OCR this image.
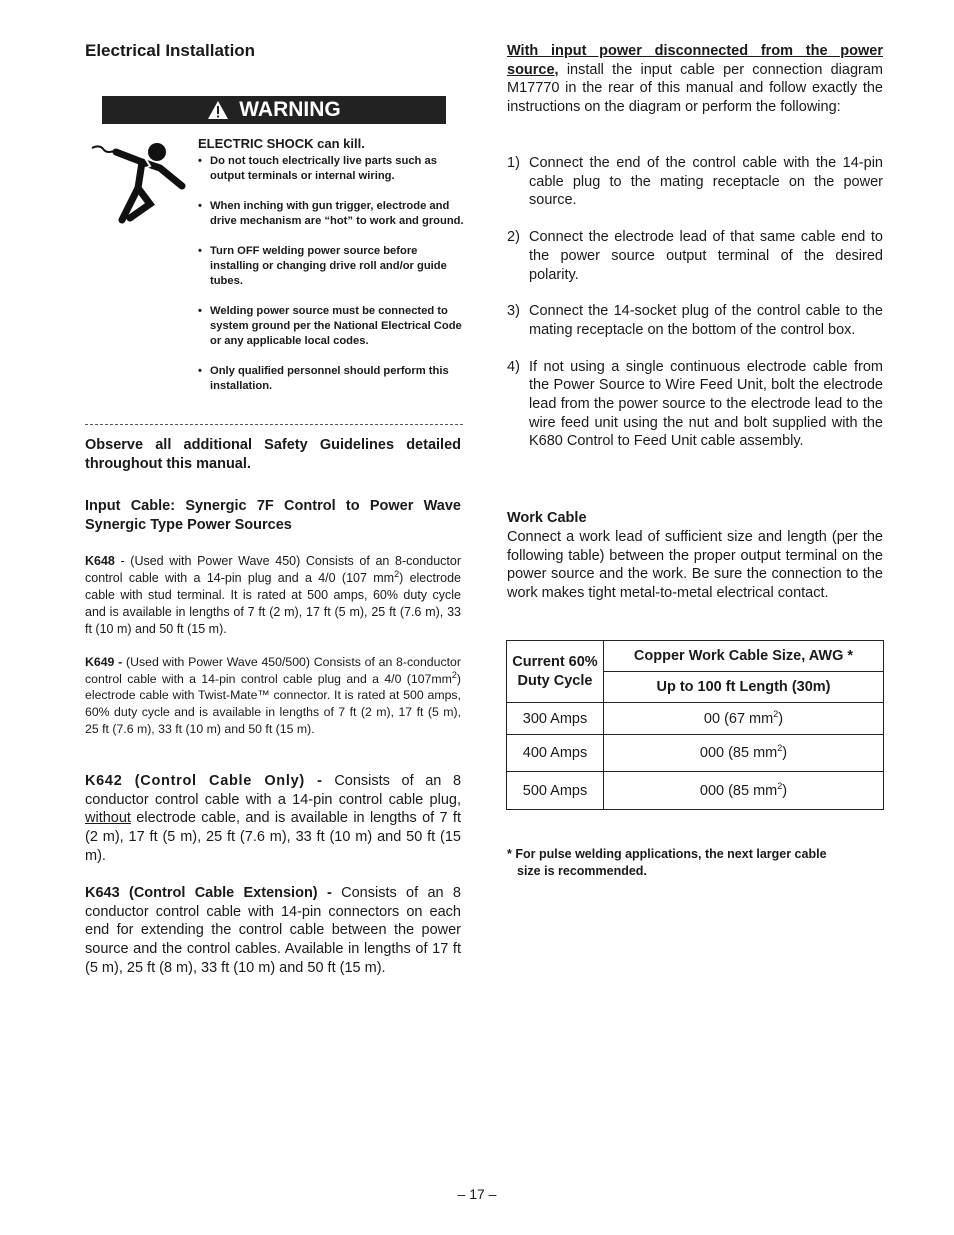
Electrical Installation
WARNING
ELECTRIC SHOCK can kill.
• Do not touch electrically live parts such as output terminals or internal wiring.
• When inching with gun trigger, electrode and drive mechanism are “hot” to work and ground.
• Turn OFF welding power source before installing or changing drive roll and/or guide tubes.
• Welding power source must be connected to system ground per the National Electrical Code or any applicable local codes.
• Only qualified personnel should perform this installation.

Observe all additional Safety Guidelines detailed throughout this manual.

Input Cable: Synergic 7F Control to Power Wave Synergic Type Power Sources

K648 - (Used with Power Wave 450) Consists of an 8-conductor control cable with a 14-pin plug and a 4/0 (107 $mm^2$) electrode cable with stud terminal. It is rated at 500 amps, 60% duty cycle and is available in lengths of 7 ft (2 m), 17 ft (5 m), 25 ft (7.6 m), 33 ft (10 m) and 50 ft (15 m).

K649 - (Used with Power Wave 450/500) Consists of an 8-conductor control cable with a 14-pin control cable plug and a 4/0 $(107mm^2)$ electrode cable with Twist-Mate™ connector. It is rated at 500 amps, 60% duty cycle and is available in lengths of 7 ft (2 m), 17 ft (5 m), 25 ft (7.6 m), 33 ft (10 m) and 50 ft (15 m).

K642 (Control Cable Only) - Consists of an 8 conductor control cable with a 14-pin control cable plug, without electrode cable, and is available in lengths of 7 ft (2 m), 17 ft (5 m), 25 ft (7.6 m), 33 ft (10 m) and 50 ft (15 m).

K643 (Control Cable Extension) - Consists of an 8 conductor control cable with 14-pin connectors on each end for extending the control cable between the power source and the control cables. Available in lengths of 17 ft (5 m), 25 ft (8 m), 33 ft (10 m) and 50 ft (15 m).

With input power disconnected from the power source, install the input cable per connection diagram M17770 in the rear of this manual and follow exactly the instructions on the diagram or perform the following:

1) Connect the end of the control cable with the 14-pin cable plug to the mating receptacle on the power source.
2) Connect the electrode lead of that same cable end to the power source output terminal of the desired polarity.
3) Connect the 14-socket plug of the control cable to the mating receptacle on the bottom of the control box.
4) If not using a single continuous electrode cable from the Power Source to Wire Feed Unit, bolt the electrode lead from the power source to the electrode lead to the wire feed unit using the nut and bolt supplied with the K680 Control to Feed Unit cable assembly.
Work Cable

Connect a work lead of sufficient size and length (per the following table) between the proper output terminal on the power source and the work. Be sure the connection to the work makes tight metal-to-metal electrical contact.

Current 60% Duty Cycle	Copper Work Cable Size, AWG *
	Up to 100 ft Length (30m)
300 Amps	00 (67 $mm^2$)
400 Amps	000 (85 $mm^2$)
500 Amps	000 (85 $mm^2$)

* For pulse welding applications, the next larger cable
size is recommended.

– 17 –
